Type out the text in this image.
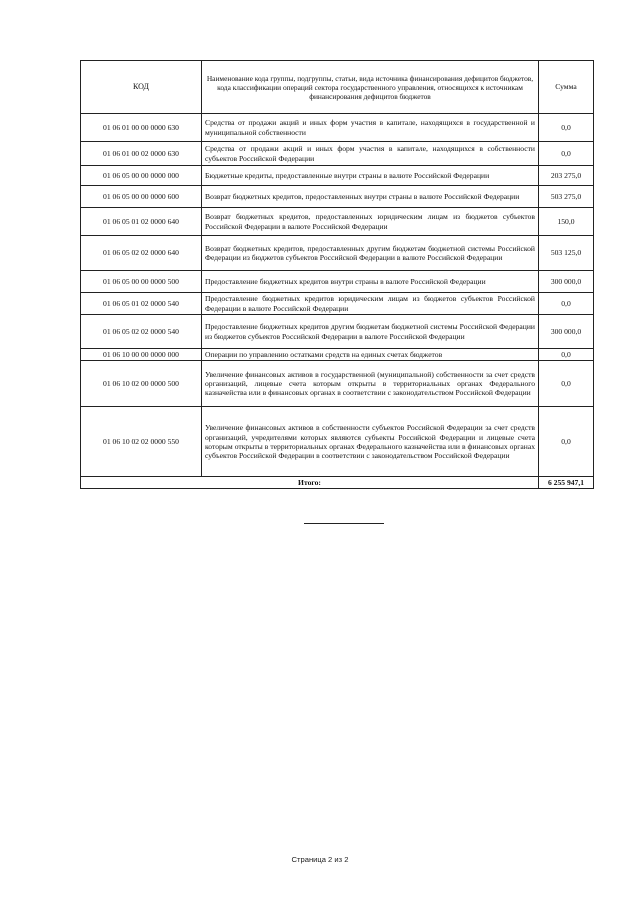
КОД	Наименование кода группы, подгруппы, статьи, вида источника финансирования дефицитов бюджетов, кода классификации операций сектора государственного управления, относящихся к источникам финансирования дефицитов бюджетов	Сумма
01 06 01 00 00 0000 630	Средства от продажи акций и иных форм участия в капитале, находящихся в государственной и муниципальной собственности	0,0
01 06 01 00 02 0000 630	Средства от продажи акций и иных форм участия в капитале, находящихся в собственности субъектов Российской Федерации	0,0
01 06 05 00 00 0000 000	Бюджетные кредиты, предоставленные внутри страны в валюте Российской Федерации	203 275,0
01 06 05 00 00 0000 600	Возврат бюджетных кредитов, предоставленных внутри страны в валюте Российской Федерации	503 275,0
01 06 05 01 02 0000 640	Возврат бюджетных кредитов, предоставленных юридическим лицам из бюджетов субъектов Российской Федерации в валюте Российской Федерации	150,0
01 06 05 02 02 0000 640	Возврат бюджетных кредитов, предоставленных другим бюджетам бюджетной системы Российской Федерации из бюджетов субъектов Российской Федерации в валюте Российской Федерации	503 125,0
01 06 05 00 00 0000 500	Предоставление бюджетных кредитов внутри страны в валюте Российской Федерации	300 000,0
01 06 05 01 02 0000 540	Предоставление бюджетных кредитов юридическим лицам из бюджетов субъектов Российской Федерации в валюте Российской Федерации	0,0
01 06 05 02 02 0000 540	Предоставление бюджетных кредитов другим бюджетам бюджетной системы Российской Федерации из бюджетов субъектов Российской Федерации в валюте Российской Федерации	300 000,0
01 06 10 00 00 0000 000	Операции по управлению остатками средств на единых счетах бюджетов	0,0
01 06 10 02 00 0000 500	Увеличение финансовых активов в государственной (муниципальной) собственности за счет средств организаций, лицевые счета которым открыты в территориальных органах Федерального казначейства или в финансовых органах в соответствии с законодательством Российской Федерации	0,0
01 06 10 02 02 0000 550	Увеличение финансовых активов в собственности субъектов Российской Федерации за счет средств организаций, учредителями которых являются субъекты Российской Федерации и лицевые счета которым открыты в территориальных органах Федерального казначейства или в финансовых органах субъектов Российской Федерации в соответствии с законодательством Российской Федерации	0,0
Итого:		6 255 947,1
Страница 2 из 2
